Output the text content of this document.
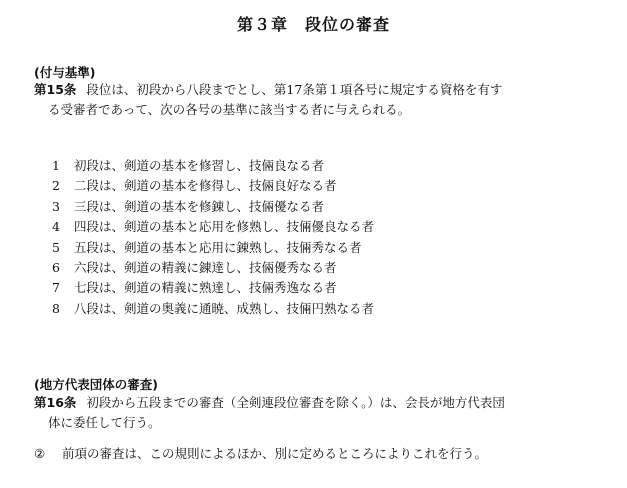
第３章　段位の審査
(付与基準)
第15条 段位は、初段から八段までとし、第17条第１項各号に規定する資格を有す
る受審者であって、次の各号の基準に該当する者に与えられる。
1 初段は、剣道の基本を修習し、技倆良なる者
2 二段は、剣道の基本を修得し、技倆良好なる者
3 三段は、剣道の基本を修錬し、技倆優なる者
4 四段は、剣道の基本と応用を修熟し、技倆優良なる者
5 五段は、剣道の基本と応用に錬熟し、技倆秀なる者
6 六段は、剣道の精義に錬達し、技倆優秀なる者
7 七段は、剣道の精義に熟達し、技倆秀逸なる者
8 八段は、剣道の奥義に通暁、成熟し、技倆円熟なる者
(地方代表団体の審査)
第16条 初段から五段までの審査（全剣連段位審査を除く。）は、会長が地方代表団
体に委任して行う。
② 前項の審査は、この規則によるほか、別に定めるところによりこれを行う。
